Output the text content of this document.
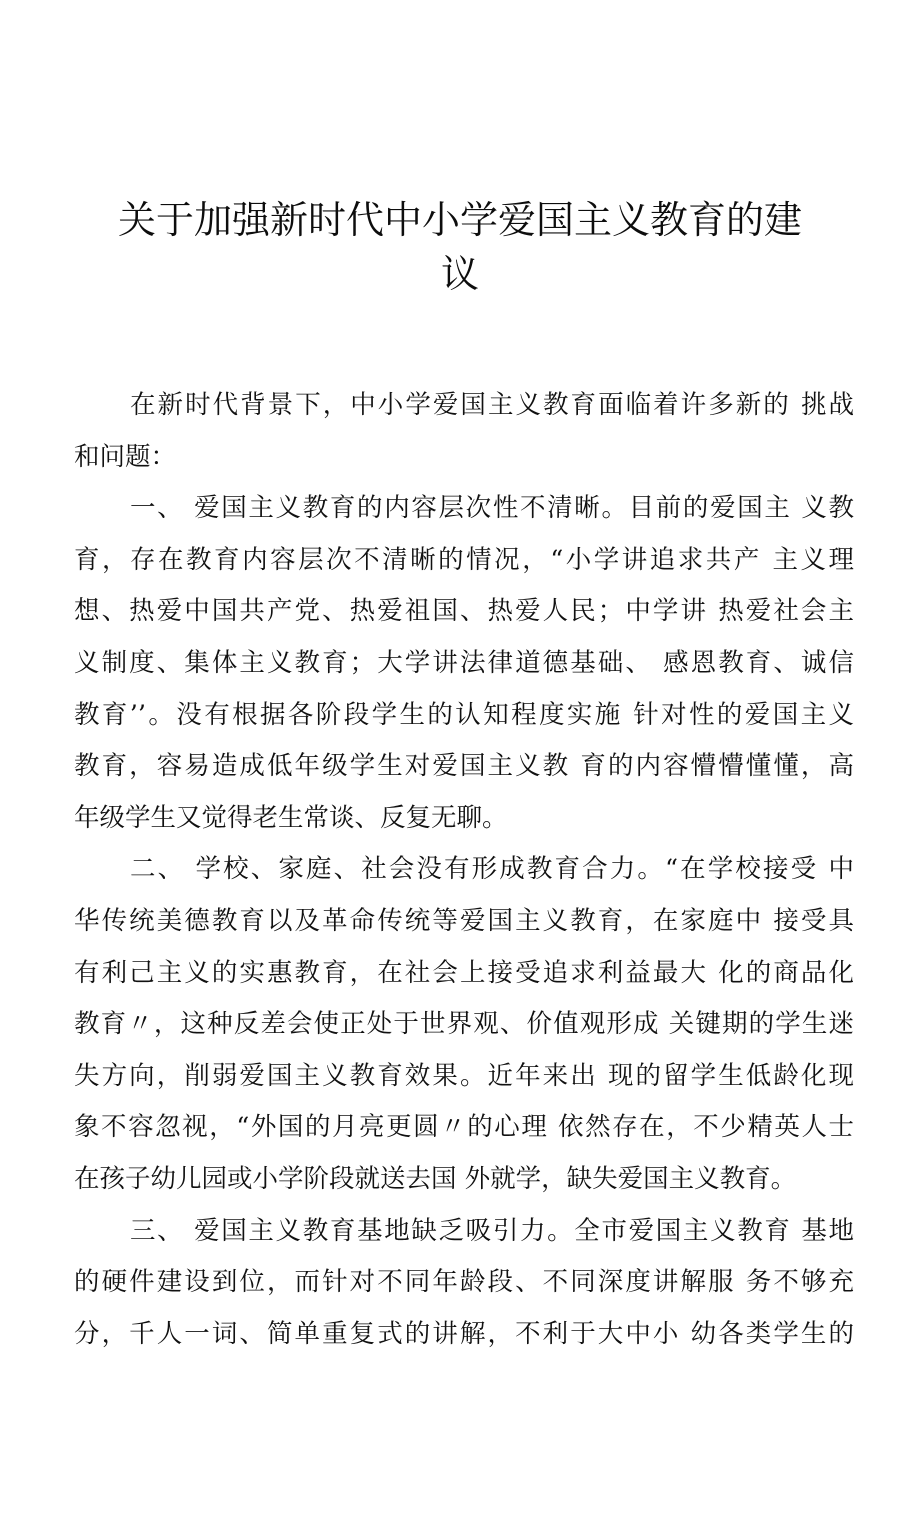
关于加强新时代中小学爱国主义教育的建
议
在新时代背景下，中小学爱国主义教育面临着许多新的 挑战
和问题：
一、 爱国主义教育的内容层次性不清晰。目前的爱国主 义教
育，存在教育内容层次不清晰的情况，“小学讲追求共产 主义理
想、热爱中国共产党、热爱祖国、热爱人民；中学讲 热爱社会主
义制度、集体主义教育；大学讲法律道德基础、 感恩教育、诚信
教育’’。没有根据各阶段学生的认知程度实施 针对性的爱国主义
教育，容易造成低年级学生对爱国主义教 育的内容懵懵懂懂，高
年级学生又觉得老生常谈、反复无聊。
二、 学校、家庭、社会没有形成教育合力。“在学校接受 中
华传统美德教育以及革命传统等爱国主义教育，在家庭中 接受具
有利己主义的实惠教育，在社会上接受追求利益最大 化的商品化
教育〃，这种反差会使正处于世界观、价值观形成 关键期的学生迷
失方向，削弱爱国主义教育效果。近年来出 现的留学生低龄化现
象不容忽视，“外国的月亮更圆〃的心理 依然存在，不少精英人士
在孩子幼儿园或小学阶段就送去国 外就学，缺失爱国主义教育。
三、 爱国主义教育基地缺乏吸引力。全市爱国主义教育 基地
的硬件建设到位，而针对不同年龄段、不同深度讲解服 务不够充
分，千人一词、简单重复式的讲解，不利于大中小 幼各类学生的
